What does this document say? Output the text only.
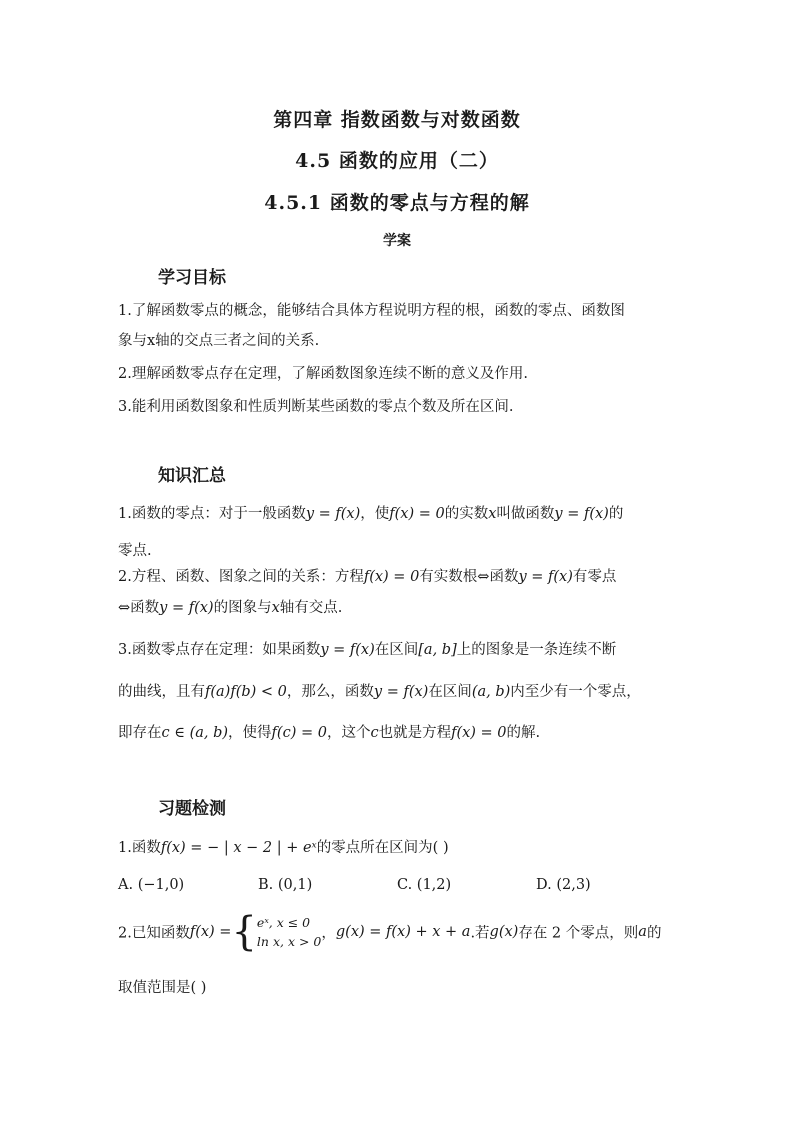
第四章 指数函数与对数函数
4.5 函数的应用（二）
4.5.1 函数的零点与方程的解
学案
学习目标
1.了解函数零点的概念，能够结合具体方程说明方程的根，函数的零点、函数图
象与x轴的交点三者之间的关系.
2.理解函数零点存在定理，了解函数图象连续不断的意义及作用.
3.能利用函数图象和性质判断某些函数的零点个数及所在区间.
知识汇总
1.函数的零点：对于一般函数y = f(x)，使f(x) = 0的实数x叫做函数y = f(x)的
零点.
2.方程、函数、图象之间的关系：方程f(x) = 0有实数根⇔函数y = f(x)有零点
⇔函数y = f(x)的图象与x轴有交点.
3.函数零点存在定理：如果函数y = f(x)在区间[a, b]上的图象是一条连续不断
的曲线，且有f(a)f(b) < 0，那么，函数y = f(x)在区间(a, b)内至少有一个零点，
即存在c ∈ (a, b)，使得f(c) = 0，这个c也就是方程f(x) = 0的解.
习题检测
1.函数f(x) = − | x − 2 | + eˣ的零点所在区间为( )
A. (−1,0)	B. (0,1)	C. (1,2)	D. (2,3)
2.已知函数f(x) ={eˣ, x ≤ 0
ln x, x > 0，g(x) = f(x) + x + a.若g(x)存在 2 个零点，则a的
取值范围是( )
